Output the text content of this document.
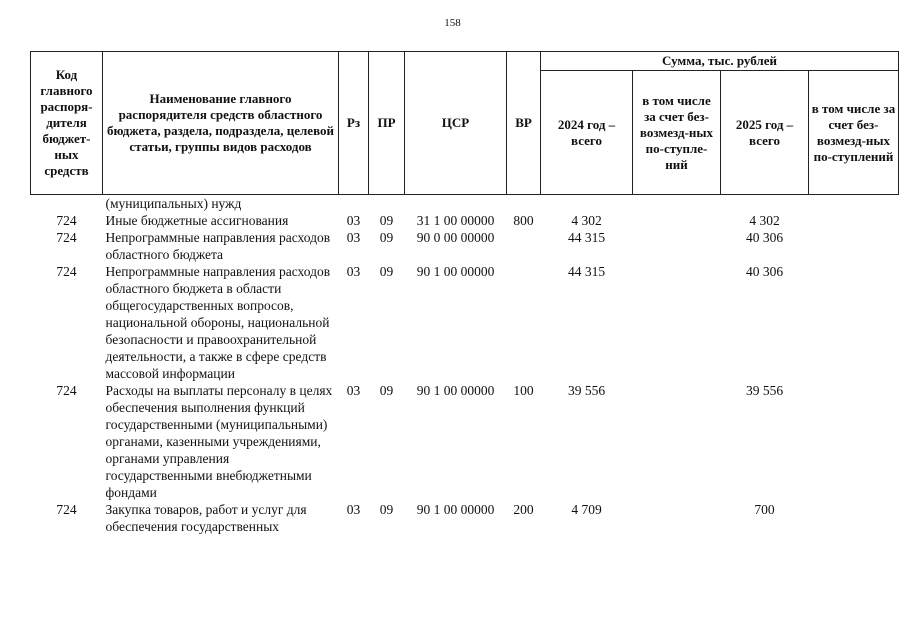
158
Код главного распоря-дителя бюджет-ных средств	Наименование главного распорядителя средств областного бюджета, раздела, подраздела, целевой статьи, группы видов расходов	Рз	ПР	ЦСР	ВР	Сумма, тыс. рублей			
						2024 год – всего	в том числе за счет без-возмезд-ных по-ступле-ний	2025 год – всего	в том числе за счет без-возмезд-ных по-ступлений
	(муниципальных) нужд								
724	Иные бюджетные ассигнования	03	09	31 1 00 00000	800	4 302		4 302	
724	Непрограммные направления расходов областного бюджета	03	09	90 0 00 00000		44 315		40 306	
724	Непрограммные направления расходов областного бюджета в области общегосударственных вопросов, национальной обороны, национальной безопасности и правоохранительной деятельности, а также в сфере средств массовой информации	03	09	90 1 00 00000		44 315		40 306	
724	Расходы на выплаты персоналу в целях обеспечения выполнения функций государственными (муниципальными) органами, казенными учреждениями, органами управления государственными внебюджетными фондами	03	09	90 1 00 00000	100	39 556		39 556	
724	Закупка товаров, работ и услуг для обеспечения государственных	03	09	90 1 00 00000	200	4 709		700	
